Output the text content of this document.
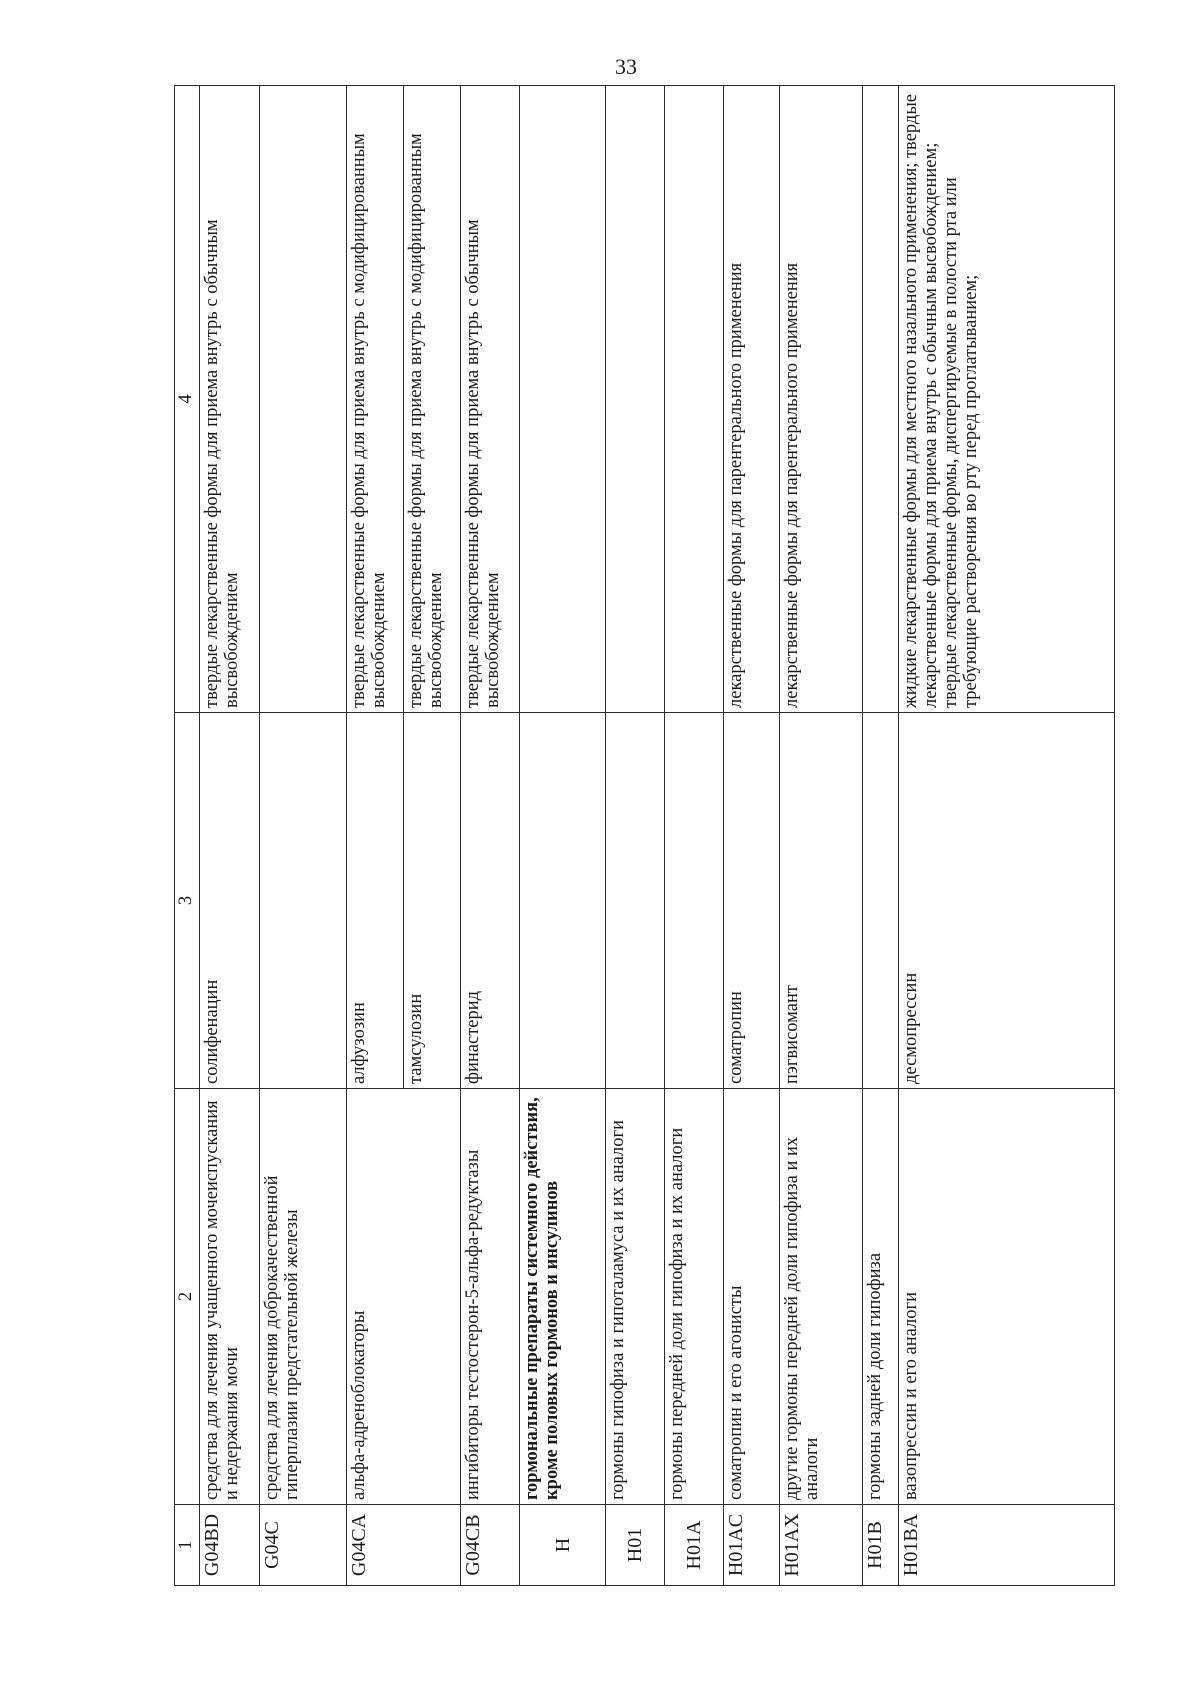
33
1	2	3	4
G04BD	средства для лечения учащенного мочеиспускания и недержания мочи	солифенацин	твердые лекарственные формы для приема внутрь с обычным высвобождением
G04C	средства для лечения доброкачественной гиперплазии предстательной железы		
G04CA	альфа-адреноблокаторы	алфузозин	твердые лекарственные формы для приема внутрь с модифицированным высвобождением
		тамсулозин	твердые лекарственные формы для приема внутрь с модифицированным высвобождением
G04CB	ингибиторы тестостерон-5-альфа-редуктазы	финастерид	твердые лекарственные формы для приема внутрь с обычным высвобождением
H	гормональные препараты системного действия, кроме половых гормонов и инсулинов		
H01	гормоны гипофиза и гипоталамуса и их аналоги		
H01A	гормоны передней доли гипофиза и их аналоги		
H01AC	соматропин и его агонисты	соматропин	лекарственные формы для парентерального применения
H01AX	другие гормоны передней доли гипофиза и их аналоги	пэгвисомант	лекарственные формы для парентерального применения
H01B	гормоны задней доли гипофиза		
H01BA	вазопрессин и его аналоги	десмопрессин	жидкие лекарственные формы для местного назального применения; твердые лекарственные формы для приема внутрь с обычным высвобождением; твердые лекарственные формы, диспергируемые в полости рта или требующие растворения во рту перед проглатыванием;
